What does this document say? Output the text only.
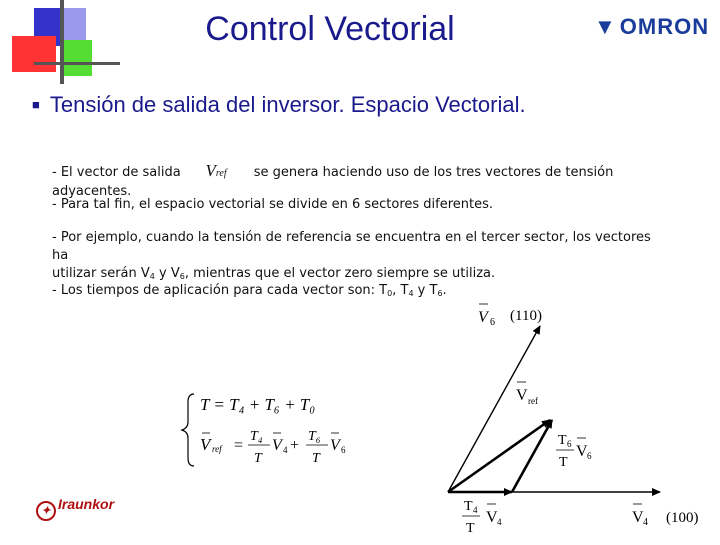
Control Vectorial	▼ OMRON
■ Tensión de salida del inversor. Espacio Vectorial.
- El vector de salida Vref se genera haciendo uso de los tres vectores de tensión adyacentes.
- Para tal fin, el espacio vectorial se divide en 6 sectores diferentes.
- Por ejemplo, cuando la tensión de referencia se encuentra en el tercer sector, los vectores ha
utilizar serán $V_4$ y $V_6$, mientras que el vector zero siempre se utiliza.
- Los tiempos de aplicación para cada vector son: $T_0$, $T_4$ y $T_6$.
T = T₄ + T₆ + T₀
V ref =
T₄
T
V 4 +
T₆
T
V 6
V 6 (110)
V ref
T 6
T
V 6
T 4
T
V 4	V 4 (100)
✦ Iraunkor
